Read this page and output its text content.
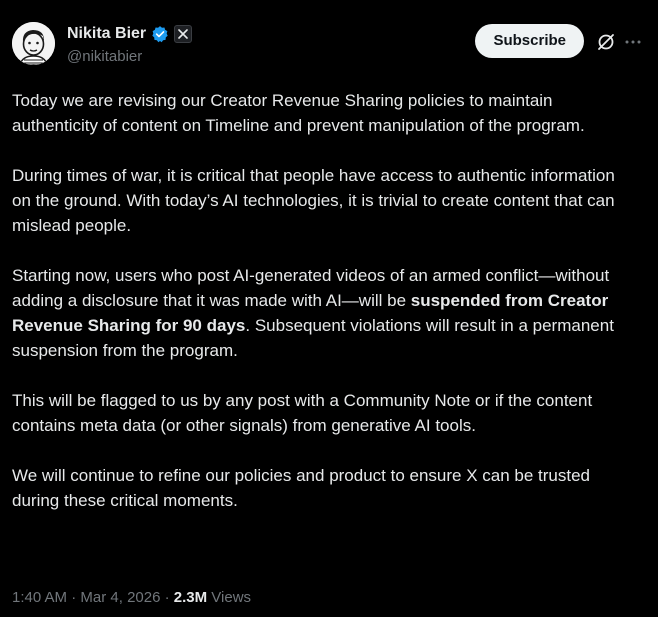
Nikita Bier
@nikitabier
Subscribe

Today we are revising our Creator Revenue Sharing policies to maintain authenticity of content on Timeline and prevent manipulation of the program.

During times of war, it is critical that people have access to authentic information on the ground. With today’s AI technologies, it is trivial to create content that can mislead people.

Starting now, users who post AI-generated videos of an armed conflict—without adding a disclosure that it was made with AI—will be suspended from Creator Revenue Sharing for 90 days. Subsequent violations will result in a permanent suspension from the program.

This will be flagged to us by any post with a Community Note or if the content contains meta data (or other signals) from generative AI tools.

We will continue to refine our policies and product to ensure X can be trusted during these critical moments.

1:40 AM · Mar 4, 2026 · 2.3M Views
